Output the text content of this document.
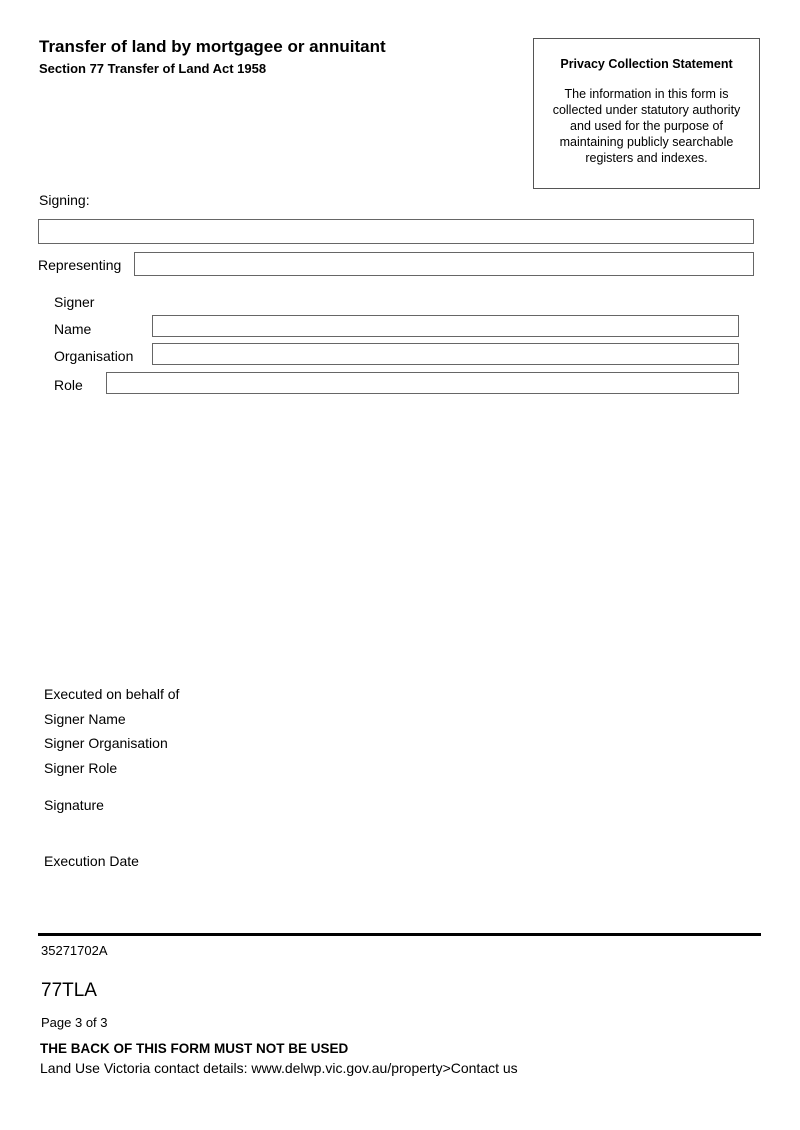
Transfer of land by mortgagee or annuitant
Section 77 Transfer of Land Act 1958	Privacy Collection Statement
The information in this form is collected under statutory authority and used for the purpose of maintaining publicly searchable registers and indexes.
Signing:
Representing
Signer
Name
Organisation
Role
Executed on behalf of
Signer Name
Signer Organisation
Signer Role
Signature
Execution Date
35271702A
77TLA
Page 3 of 3
THE BACK OF THIS FORM MUST NOT BE USED
Land Use Victoria contact details: www.delwp.vic.gov.au/property>Contact us
